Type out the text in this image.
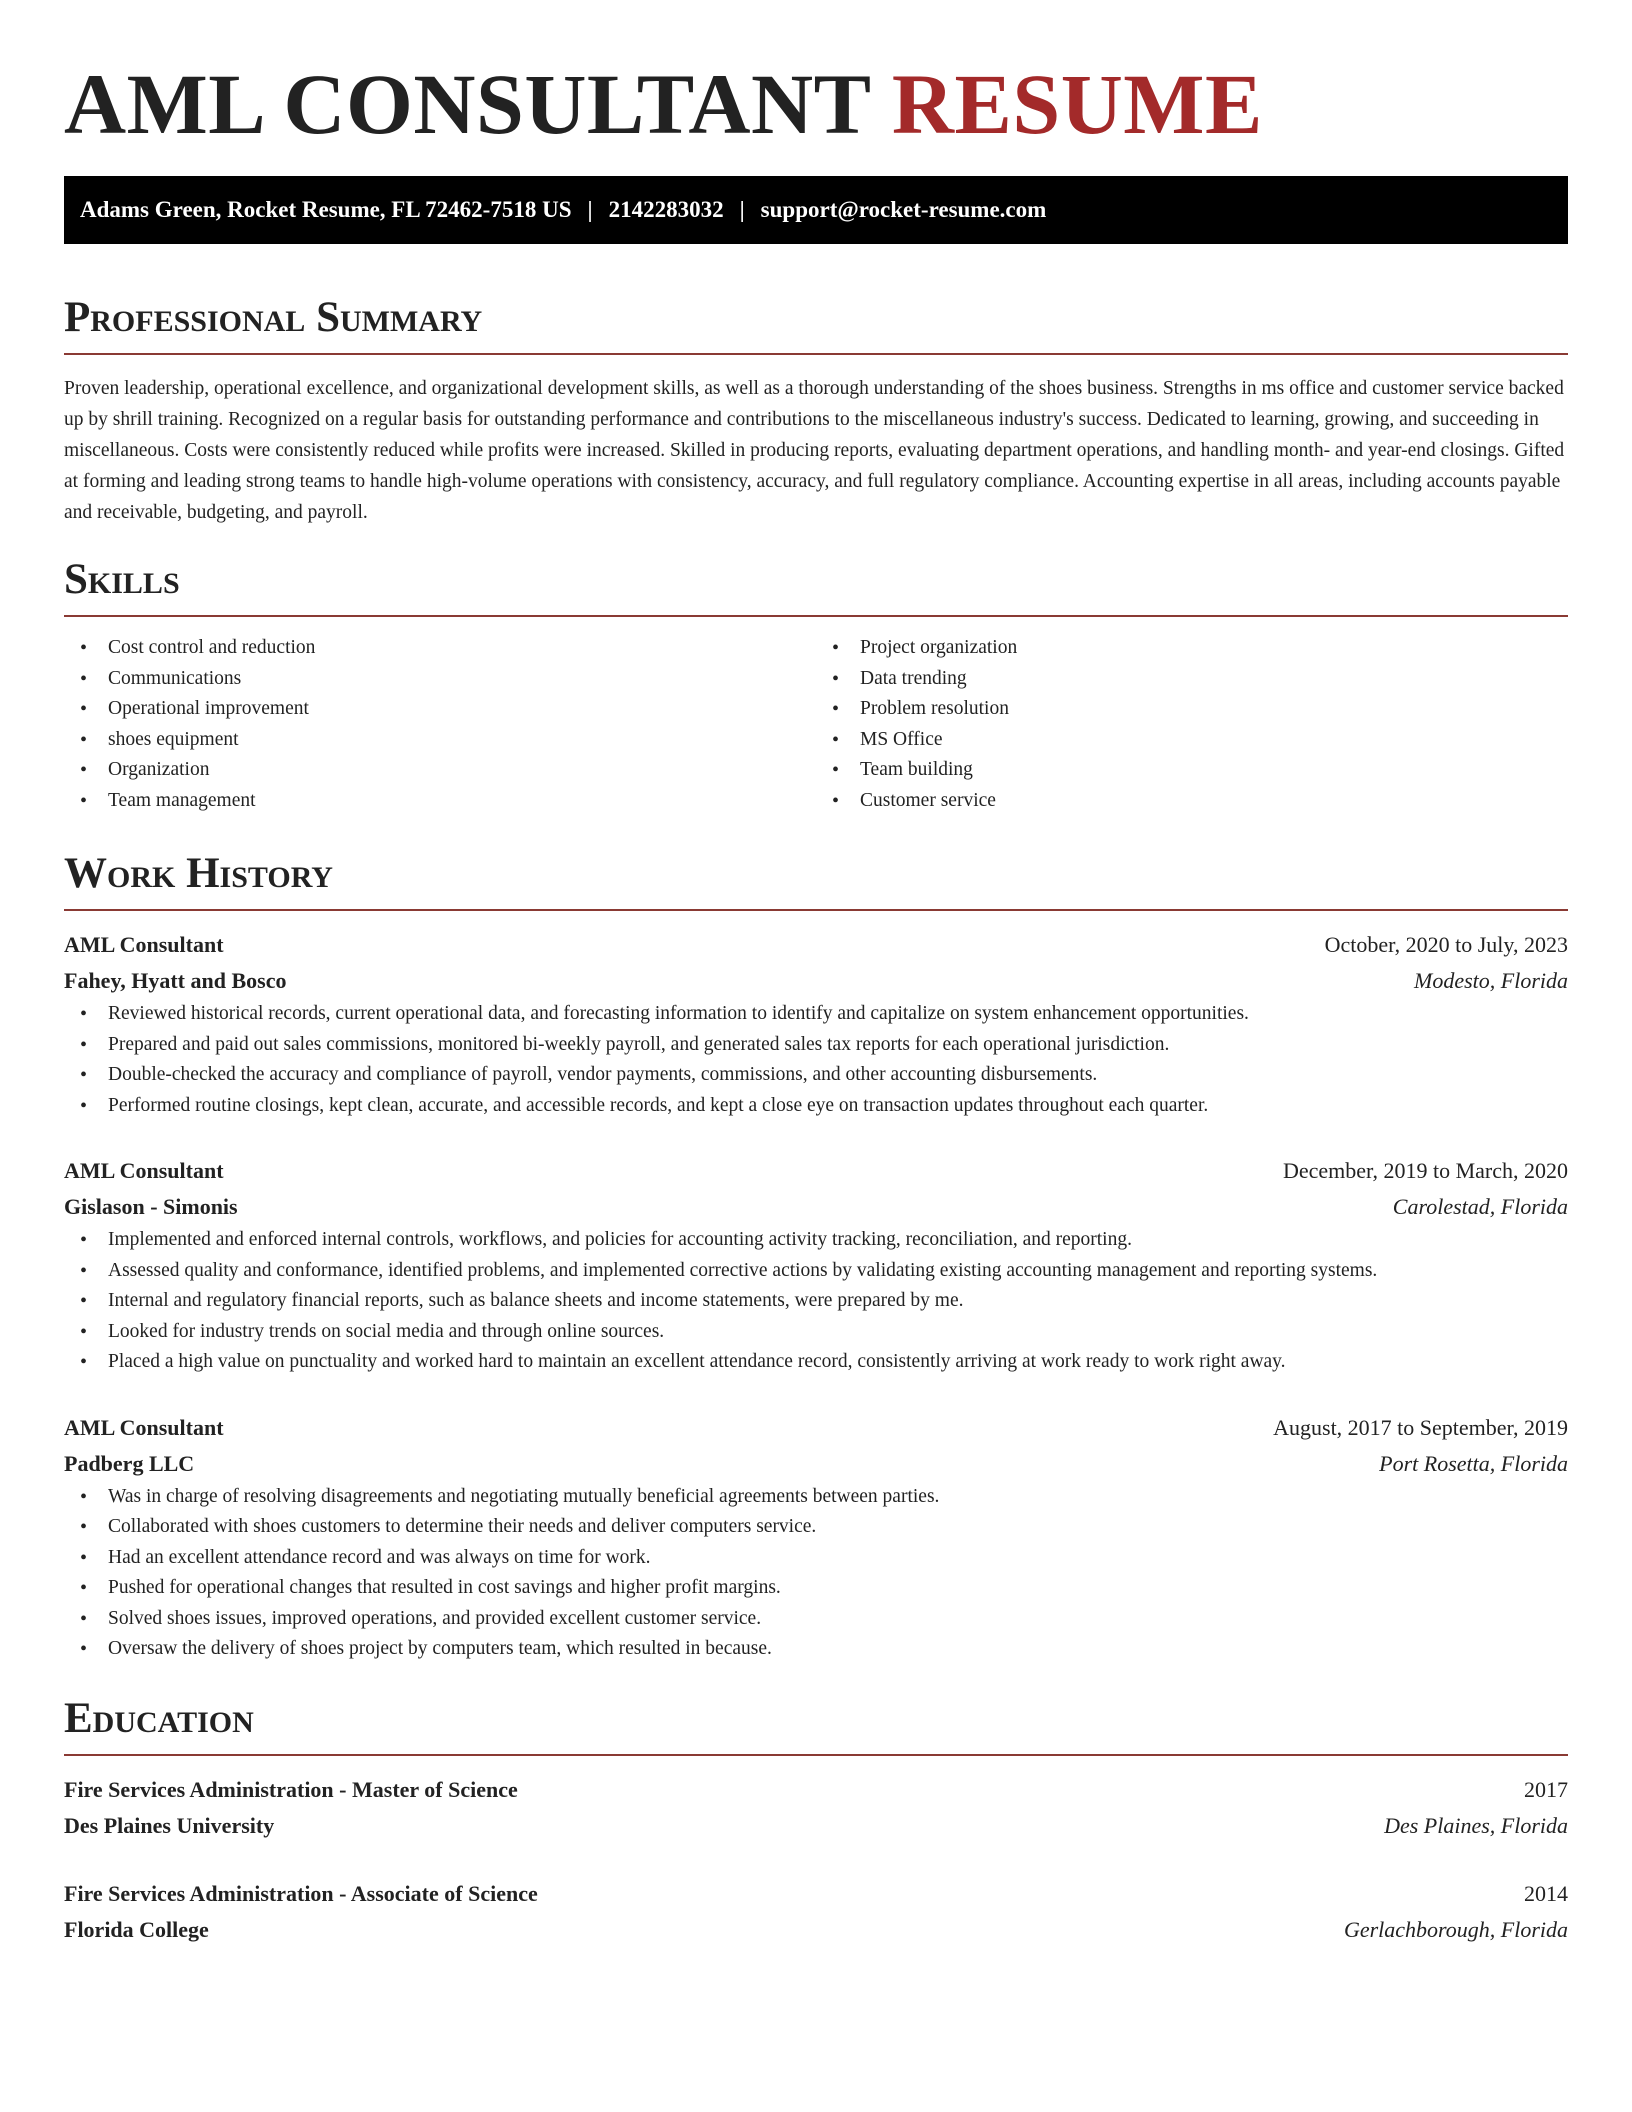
AML CONSULTANT RESUME
Adams Green, Rocket Resume, FL 72462-7518 US | 2142283032 | support@rocket-resume.com
Professional Summary

Proven leadership, operational excellence, and organizational development skills, as well as a thorough understanding of the shoes business. Strengths in ms office and customer service backed up by shrill training. Recognized on a regular basis for outstanding performance and contributions to the miscellaneous industry's success. Dedicated to learning, growing, and succeeding in miscellaneous. Costs were consistently reduced while profits were increased. Skilled in producing reports, evaluating department operations, and handling month- and year-end closings. Gifted at forming and leading strong teams to handle high-volume operations with consistency, accuracy, and full regulatory compliance. Accounting expertise in all areas, including accounts payable and receivable, budgeting, and payroll.

Skills
• Cost control and reduction
• Communications
• Operational improvement
• shoes equipment
• Organization
• Team management
• Project organization
• Data trending
• Problem resolution
• MS Office
• Team building
• Customer service
Work History
AML Consultant	October, 2020 to July, 2023
Fahey, Hyatt and Bosco	Modesto, Florida
• Reviewed historical records, current operational data, and forecasting information to identify and capitalize on system enhancement opportunities.
• Prepared and paid out sales commissions, monitored bi-weekly payroll, and generated sales tax reports for each operational jurisdiction.
• Double-checked the accuracy and compliance of payroll, vendor payments, commissions, and other accounting disbursements.
• Performed routine closings, kept clean, accurate, and accessible records, and kept a close eye on transaction updates throughout each quarter.
AML Consultant	December, 2019 to March, 2020
Gislason - Simonis	Carolestad, Florida
• Implemented and enforced internal controls, workflows, and policies for accounting activity tracking, reconciliation, and reporting.
• Assessed quality and conformance, identified problems, and implemented corrective actions by validating existing accounting management and reporting systems.
• Internal and regulatory financial reports, such as balance sheets and income statements, were prepared by me.
• Looked for industry trends on social media and through online sources.
• Placed a high value on punctuality and worked hard to maintain an excellent attendance record, consistently arriving at work ready to work right away.
AML Consultant	August, 2017 to September, 2019
Padberg LLC	Port Rosetta, Florida
• Was in charge of resolving disagreements and negotiating mutually beneficial agreements between parties.
• Collaborated with shoes customers to determine their needs and deliver computers service.
• Had an excellent attendance record and was always on time for work.
• Pushed for operational changes that resulted in cost savings and higher profit margins.
• Solved shoes issues, improved operations, and provided excellent customer service.
• Oversaw the delivery of shoes project by computers team, which resulted in because.
Education
Fire Services Administration - Master of Science	2017
Des Plaines University	Des Plaines, Florida
Fire Services Administration - Associate of Science	2014
Florida College	Gerlachborough, Florida
